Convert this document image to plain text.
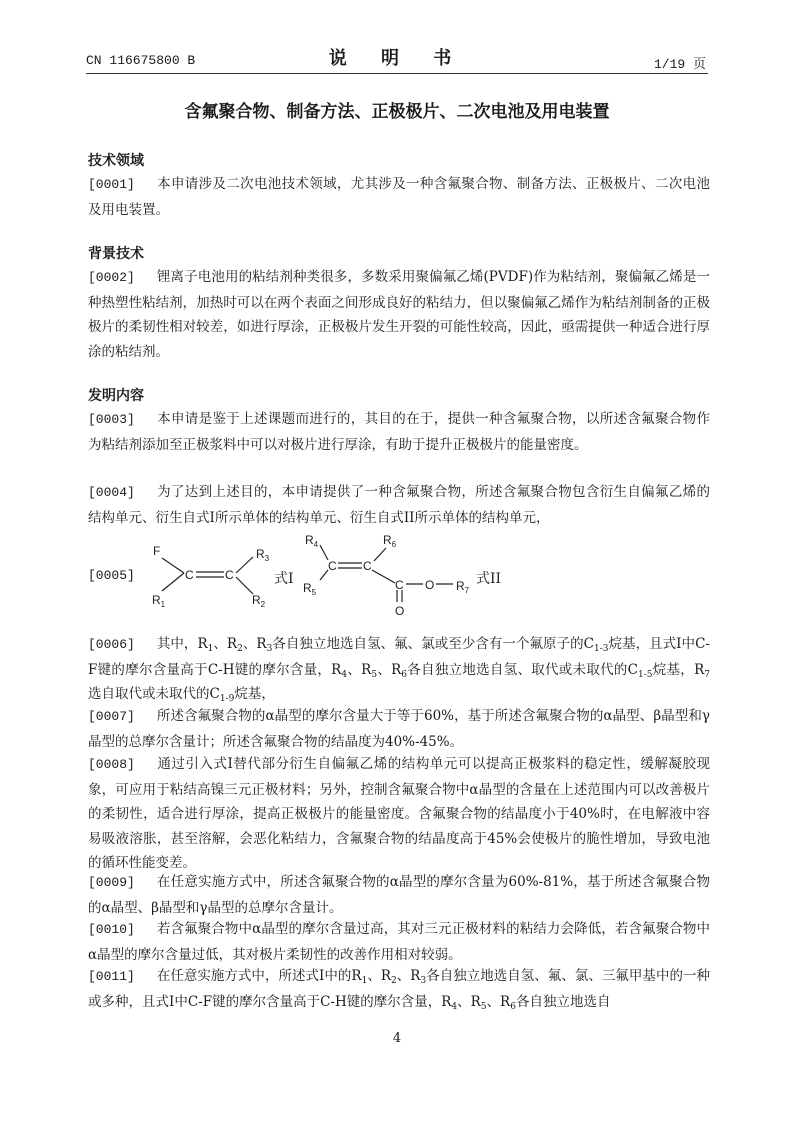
CN 116675800 B	说 明 书	1/19 页
含氟聚合物、制备方法、正极极片、二次电池及用电装置
技术领域
[0001] 本申请涉及二次电池技术领域，尤其涉及一种含氟聚合物、制备方法、正极极片、二次电池及用电装置。
背景技术
[0002] 锂离子电池用的粘结剂种类很多，多数采用聚偏氟乙烯(PVDF)作为粘结剂，聚偏氟乙烯是一种热塑性粘结剂，加热时可以在两个表面之间形成良好的粘结力，但以聚偏氟乙烯作为粘结剂制备的正极极片的柔韧性相对较差，如进行厚涂，正极极片发生开裂的可能性较高，因此，亟需提供一种适合进行厚涂的粘结剂。
发明内容
[0003] 本申请是鉴于上述课题而进行的，其目的在于，提供一种含氟聚合物，以所述含氟聚合物作为粘结剂添加至正极浆料中可以对极片进行厚涂，有助于提升正极极片的能量密度。
[0004] 为了达到上述目的，本申请提供了一种含氟聚合物，所述含氟聚合物包含衍生自偏氟乙烯的结构单元、衍生自式I所示单体的结构单元、衍生自式II所示单体的结构单元，
[0005]
F
C	C
R3
R1	R2
式I
R4
R5
C C
R6
C
O
O R7
式II
[0006] 其中，$R_1$、$R_2$、$R_3$各自独立地选自氢、氟、氯或至少含有一个氟原子的$C_{1-3}$烷基，且式I中C-F键的摩尔含量高于C-H键的摩尔含量，$R_4$、$R_5$、$R_6$各自独立地选自氢、取代或未取代的$C_{1-5}$烷基，$R_7$选自取代或未取代的$C_{1-9}$烷基，
[0007] 所述含氟聚合物的α晶型的摩尔含量大于等于60%，基于所述含氟聚合物的α晶型、β晶型和γ晶型的总摩尔含量计；所述含氟聚合物的结晶度为40%-45%。
[0008] 通过引入式I替代部分衍生自偏氟乙烯的结构单元可以提高正极浆料的稳定性，缓解凝胶现象，可应用于粘结高镍三元正极材料；另外，控制含氟聚合物中α晶型的含量在上述范围内可以改善极片的柔韧性，适合进行厚涂，提高正极极片的能量密度。含氟聚合物的结晶度小于40%时，在电解液中容易吸液溶胀，甚至溶解，会恶化粘结力，含氟聚合物的结晶度高于45%会使极片的脆性增加，导致电池的循环性能变差。
[0009] 在任意实施方式中，所述含氟聚合物的α晶型的摩尔含量为60%-81%，基于所述含氟聚合物的α晶型、β晶型和γ晶型的总摩尔含量计。
[0010] 若含氟聚合物中α晶型的摩尔含量过高，其对三元正极材料的粘结力会降低，若含氟聚合物中α晶型的摩尔含量过低，其对极片柔韧性的改善作用相对较弱。
[0011] 在任意实施方式中，所述式I中的$R_1$、$R_2$、$R_3$各自独立地选自氢、氟、氯、三氟甲基中的一种或多种，且式I中C-F键的摩尔含量高于C-H键的摩尔含量，$R_4$、$R_5$、$R_6$各自独立地选自
4
